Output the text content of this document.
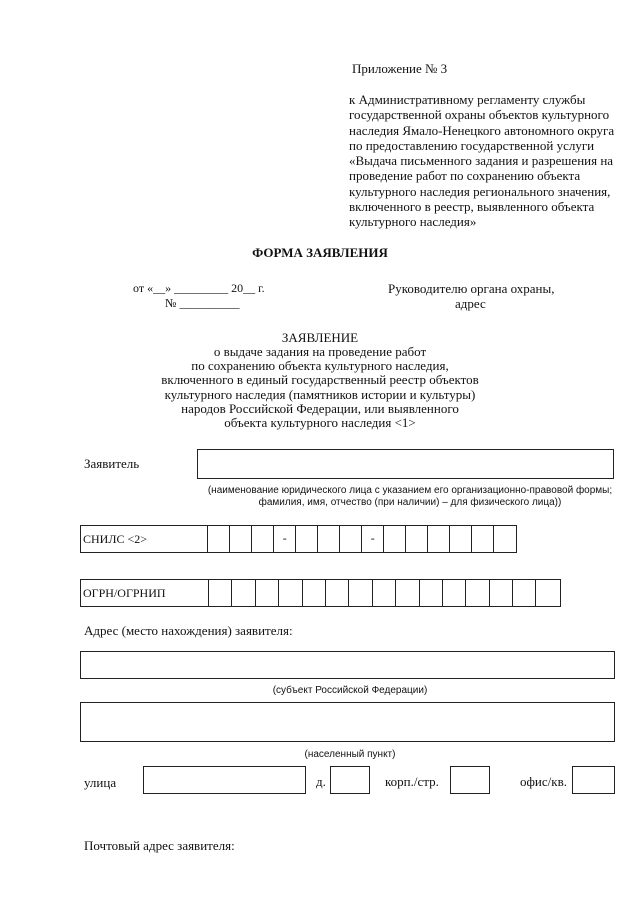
Приложение № 3
к Административному регламенту службы
государственной охраны объектов культурного
наследия Ямало-Ненецкого автономного округа
по предоставлению государственной услуги
«Выдача письменного задания и разрешения на
проведение работ по сохранению объекта
культурного наследия регионального значения,
включенного в реестр, выявленного объекта
культурного наследия»
ФОРМА ЗАЯВЛЕНИЯ
от «__» _________ 20__ г.
№ __________
Руководителю органа охраны,
адрес
ЗАЯВЛЕНИЕ
о выдаче задания на проведение работ
по сохранению объекта культурного наследия,
включенного в единый государственный реестр объектов
культурного наследия (памятников истории и культуры)
народов Российской Федерации, или выявленного
объекта культурного наследия <1>
Заявитель
(наименование юридического лица с указанием его организационно-правовой формы;
фамилия, имя, отчество (при наличии) – для физического лица))
СНИЛС <2>	-	-
ОГРН/ОГРНИП
Адрес (место нахождения) заявителя:
(субъект Российской Федерации)
(населенный пункт)
улица	д.	корп./стр.	офис/кв.
Почтовый адрес заявителя:
